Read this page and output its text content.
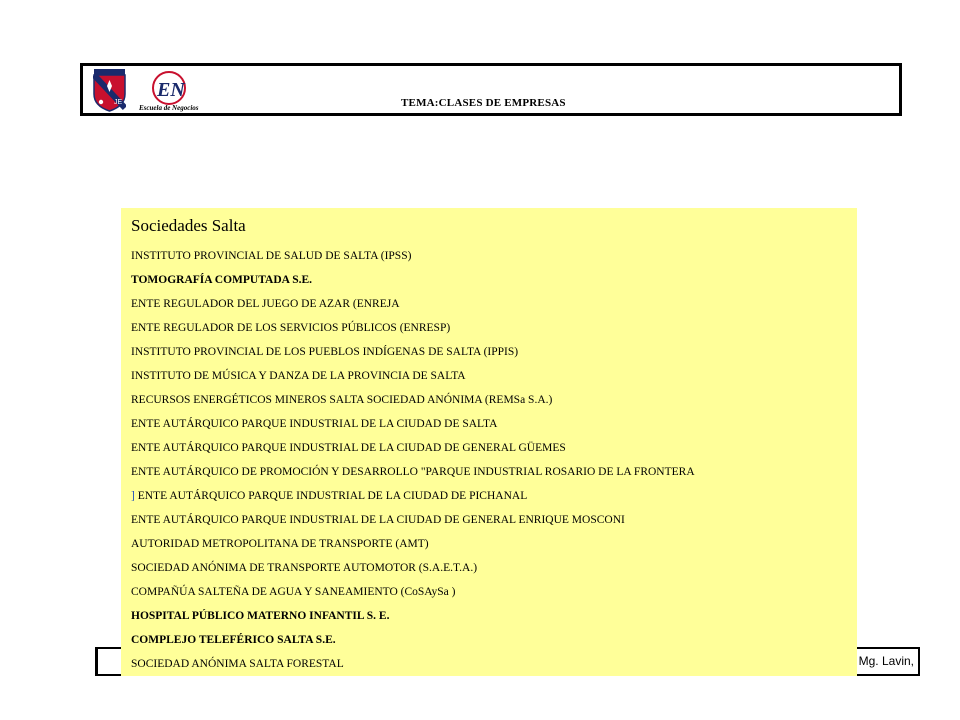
JE
EN
Escuela de Negocios	TEMA:CLASES DE EMPRESAS
Mg. Lavin,
Sociedades Salta
INSTITUTO PROVINCIAL DE SALUD DE SALTA (IPSS)
TOMOGRAFÍA COMPUTADA S.E.
ENTE REGULADOR DEL JUEGO DE AZAR (ENREJA
ENTE REGULADOR DE LOS SERVICIOS PÚBLICOS (ENRESP)
INSTITUTO PROVINCIAL DE LOS PUEBLOS INDÍGENAS DE SALTA (IPPIS)
INSTITUTO DE MÚSICA Y DANZA DE LA PROVINCIA DE SALTA
RECURSOS ENERGÉTICOS MINEROS SALTA SOCIEDAD ANÓNIMA (REMSa S.A.)
ENTE AUTÁRQUICO PARQUE INDUSTRIAL DE LA CIUDAD DE SALTA
ENTE AUTÁRQUICO PARQUE INDUSTRIAL DE LA CIUDAD DE GENERAL GÜEMES
ENTE AUTÁRQUICO DE PROMOCIÓN Y DESARROLLO "PARQUE INDUSTRIAL ROSARIO DE LA FRONTERA
] ENTE AUTÁRQUICO PARQUE INDUSTRIAL DE LA CIUDAD DE PICHANAL
ENTE AUTÁRQUICO PARQUE INDUSTRIAL DE LA CIUDAD DE GENERAL ENRIQUE MOSCONI
AUTORIDAD METROPOLITANA DE TRANSPORTE (AMT)
SOCIEDAD ANÓNIMA DE TRANSPORTE AUTOMOTOR (S.A.E.T.A.)
COMPAÑÚA SALTEÑA DE AGUA Y SANEAMIENTO (CoSAySa )
HOSPITAL PÚBLICO MATERNO INFANTIL S. E.
COMPLEJO TELEFÉRICO SALTA S.E.
SOCIEDAD ANÓNIMA SALTA FORESTAL
